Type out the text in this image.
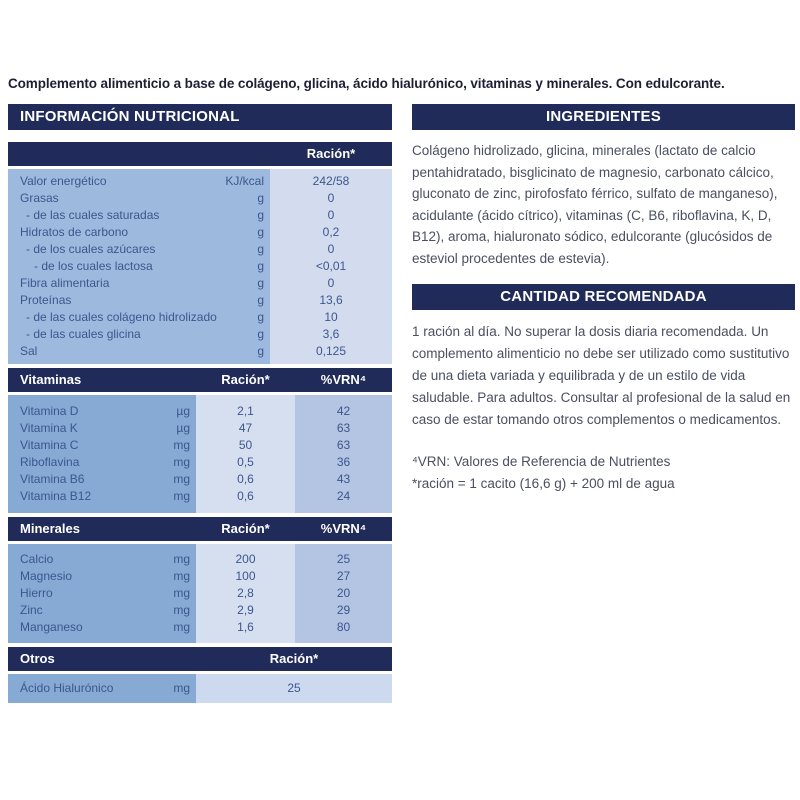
Complemento alimenticio a base de colágeno, glicina, ácido hialurónico, vitaminas y minerales. Con edulcorante.
INFORMACIÓN NUTRICIONAL
Ración*
Valor energético	KJ/kcal	242/58
Grasas	g	0
- de las cuales saturadas	g	0
Hidratos de carbono	g	0,2
- de los cuales azúcares	g	0
- de los cuales lactosa	g	<0,01
Fibra alimentaria	g	0
Proteínas	g	13,6
- de las cuales colágeno hidrolizado	g	10
- de las cuales glicina	g	3,6
Sal	g	0,125
Vitaminas	Ración*	%VRN⁴
Vitamina D	µg	2,1	42
Vitamina K	µg	47	63
Vitamina C	mg	50	63
Riboflavina	mg	0,5	36
Vitamina B6	mg	0,6	43
Vitamina B12	mg	0,6	24
Minerales	Ración*	%VRN⁴
Calcio	mg	200	25
Magnesio	mg	100	27
Hierro	mg	2,8	20
Zinc	mg	2,9	29
Manganeso	mg	1,6	80
Otros	Ración*
Ácido Hialurónico	mg	25
INGREDIENTES
Colágeno hidrolizado, glicina, minerales (lactato de calcio pentahidratado, bisglicinato de magnesio, carbonato cálcico, gluconato de zinc, pirofosfato férrico, sulfato de manganeso), acidulante (ácido cítrico), vitaminas (C, B6, riboflavina, K, D, B12), aroma, hialuronato sódico, edulcorante (glucósidos de esteviol procedentes de estevia).
CANTIDAD RECOMENDADA
1 ración al día. No superar la dosis diaria recomendada. Un complemento alimenticio no debe ser utilizado como sustitutivo de una dieta variada y equilibrada y de un estilo de vida saludable. Para adultos. Consultar al profesional de la salud en caso de estar tomando otros complementos o medicamentos.
⁴VRN: Valores de Referencia de Nutrientes
*ración = 1 cacito (16,6 g) + 200 ml de agua
